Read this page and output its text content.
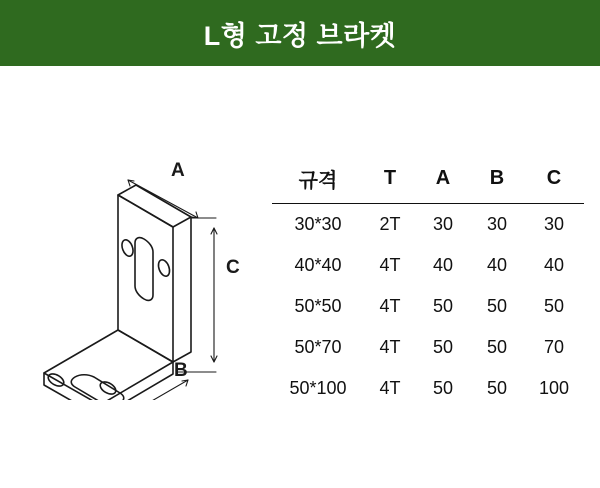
L형 고정 브라켓
A
B
C
규격	T	A	B	C
30*30	2T	30	30	30
40*40	4T	40	40	40
50*50	4T	50	50	50
50*70	4T	50	50	70
50*100	4T	50	50	100
